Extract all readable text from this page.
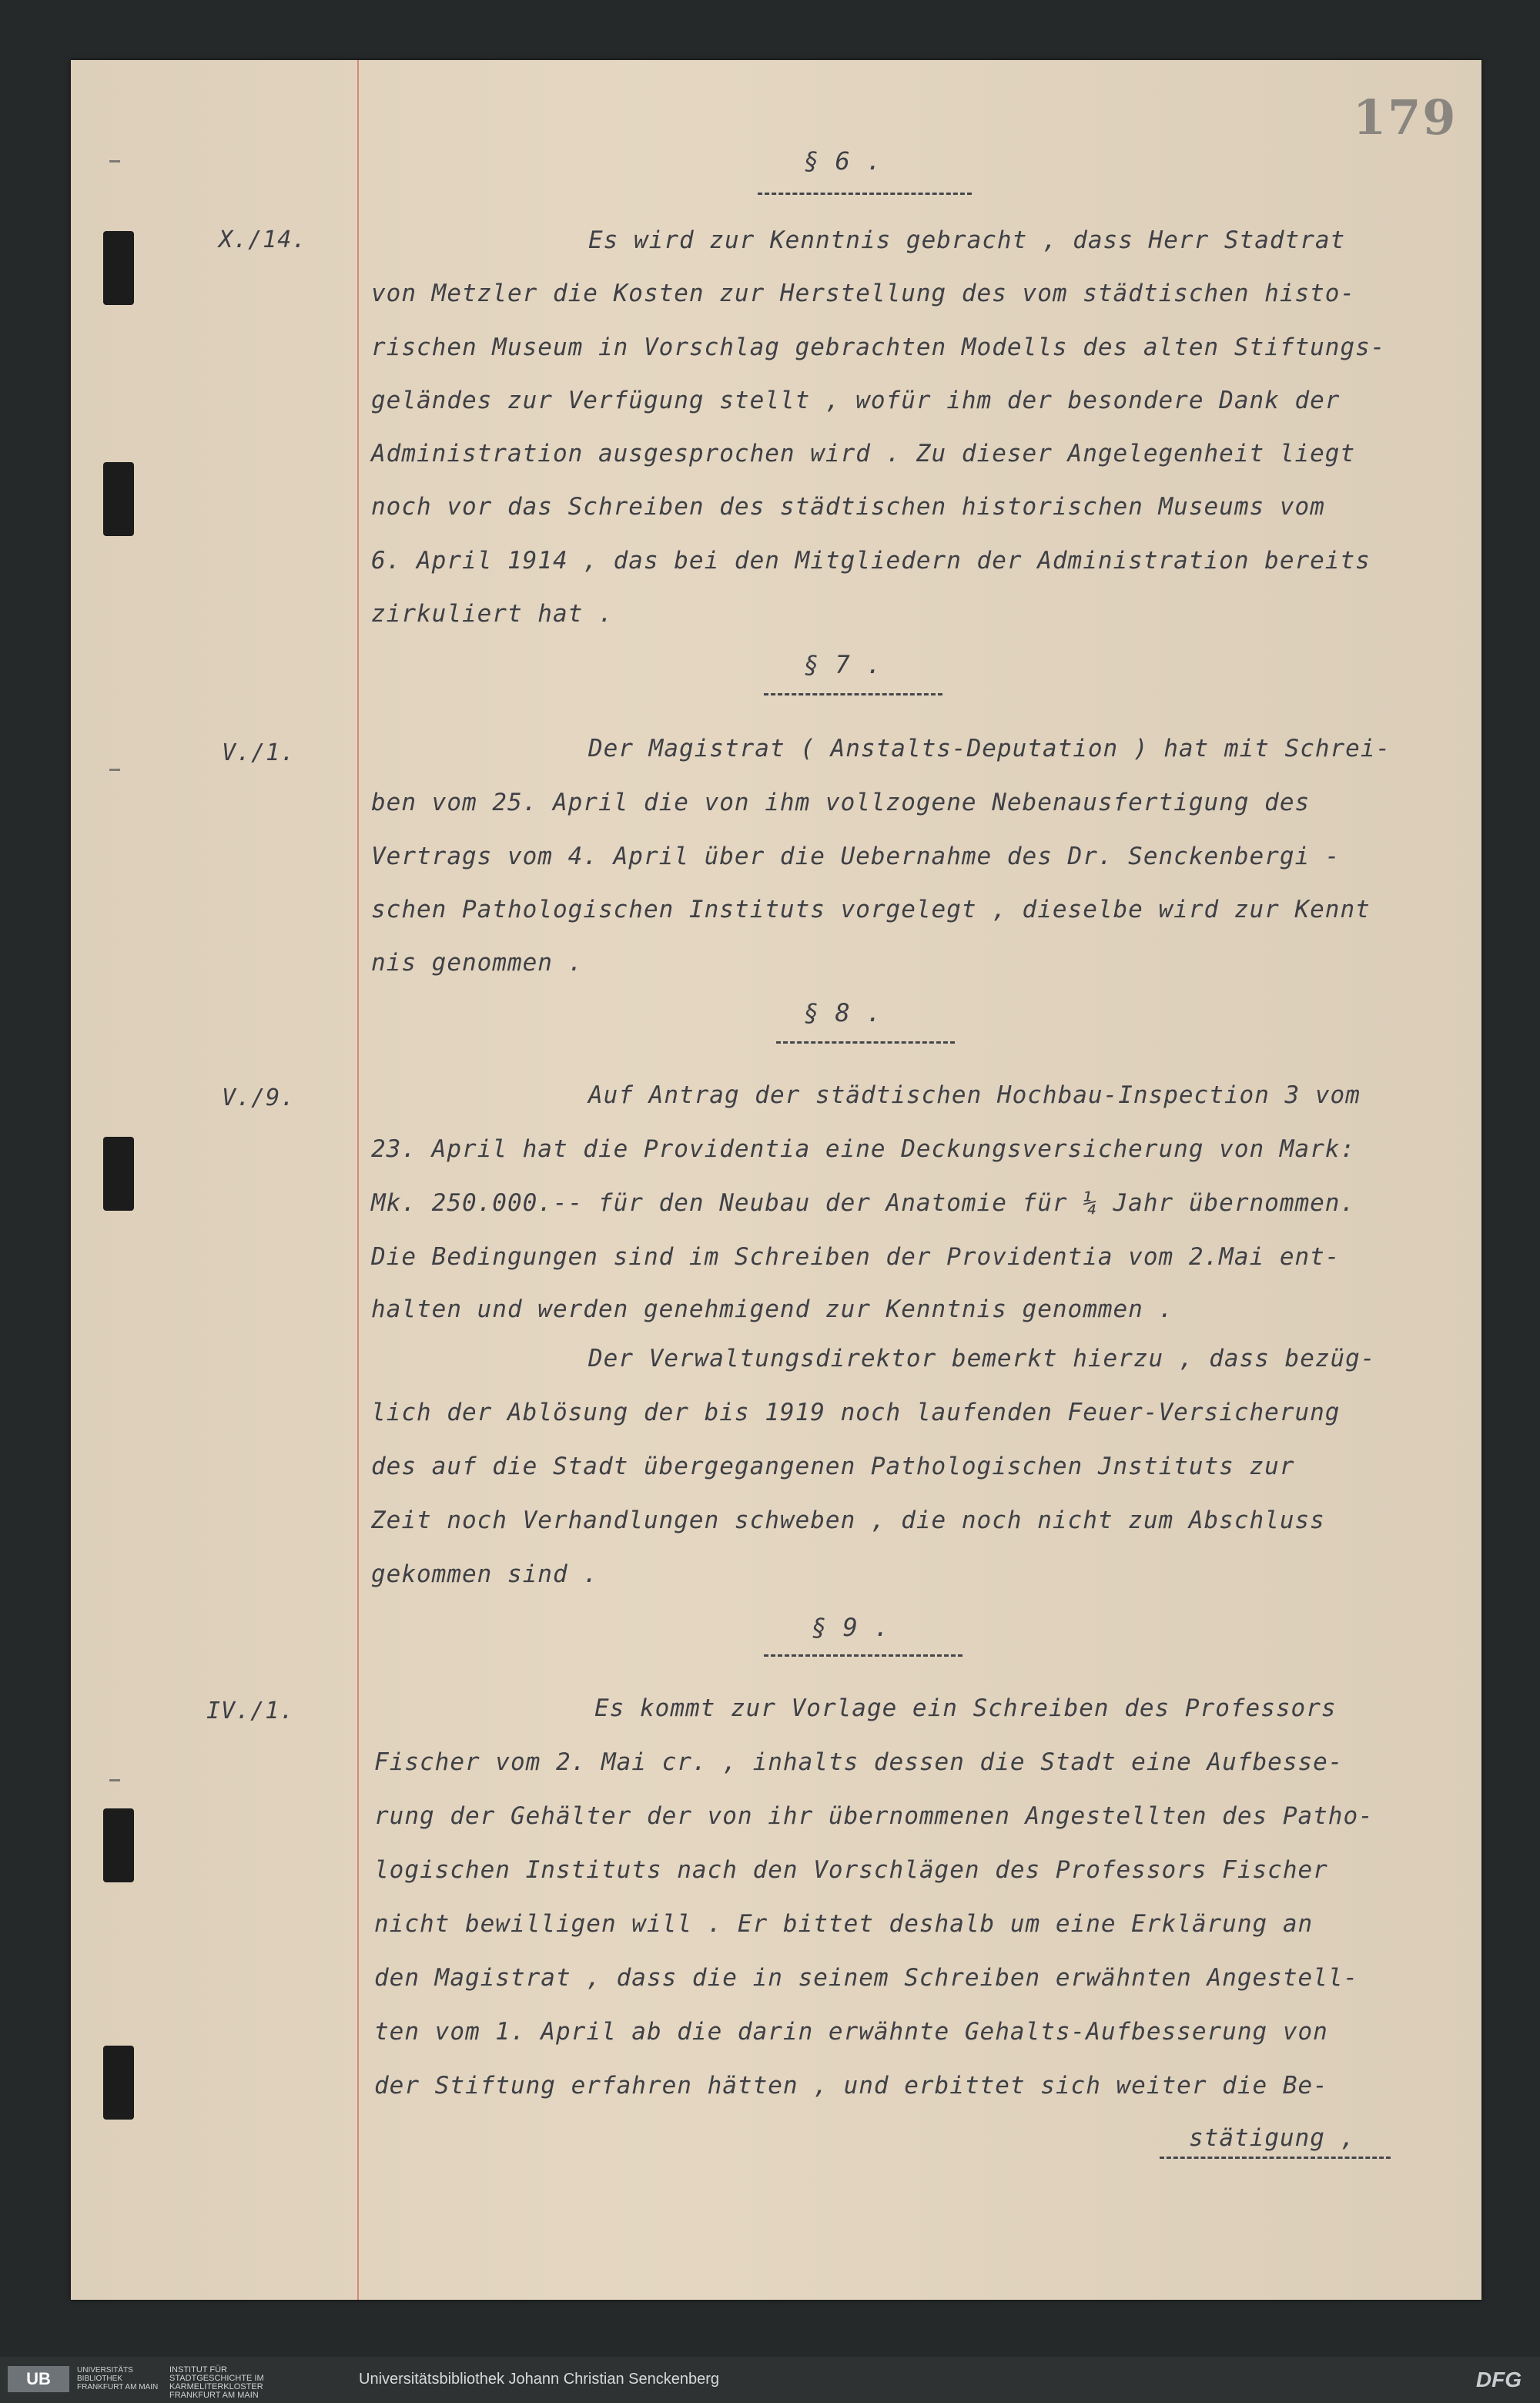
179
§ 6 .
X./14.	Es wird zur Kenntnis gebracht , dass Herr Stadtrat
von Metzler die Kosten zur Herstellung des vom städtischen histo-
rischen Museum in Vorschlag gebrachten Modells des alten Stiftungs-
geländes zur Verfügung stellt , wofür ihm der besondere Dank der
Administration ausgesprochen wird . Zu dieser Angelegenheit liegt
noch vor das Schreiben des städtischen historischen Museums vom
6. April 1914 , das bei den Mitgliedern der Administration bereits
zirkuliert hat .
§ 7 .
V./1.	Der Magistrat ( Anstalts-Deputation ) hat mit Schrei-
ben vom 25. April die von ihm vollzogene Nebenausfertigung des
Vertrags vom 4. April über die Uebernahme des Dr. Senckenbergi -
schen Pathologischen Instituts vorgelegt , dieselbe wird zur Kennt
nis genommen .
§ 8 .
V./9.	Auf Antrag der städtischen Hochbau-Inspection 3 vom
23. April hat die Providentia eine Deckungsversicherung von Mark:
Mk. 250.000.-- für den Neubau der Anatomie für ¼ Jahr übernommen.
Die Bedingungen sind im Schreiben der Providentia vom 2.Mai ent-
halten und werden genehmigend zur Kenntnis genommen .
Der Verwaltungsdirektor bemerkt hierzu , dass bezüg-
lich der Ablösung der bis 1919 noch laufenden Feuer-Versicherung
des auf die Stadt übergegangenen Pathologischen Jnstituts zur
Zeit noch Verhandlungen schweben , die noch nicht zum Abschluss
gekommen sind .
§ 9 .
IV./1.	Es kommt zur Vorlage ein Schreiben des Professors
Fischer vom 2. Mai cr. , inhalts dessen die Stadt eine Aufbesse-
rung der Gehälter der von ihr übernommenen Angestellten des Patho-
logischen Instituts nach den Vorschlägen des Professors Fischer
nicht bewilligen will . Er bittet deshalb um eine Erklärung an
den Magistrat , dass die in seinem Schreiben erwähnten Angestell-
ten vom 1. April ab die darin erwähnte Gehalts-Aufbesserung von
der Stiftung erfahren hätten , und erbittet sich weiter die Be-
stätigung ,
UB	UNIVERSITÄTS BIBLIOTHEK FRANKFURT AM MAIN
INSTITUT FÜR STADTGESCHICHTE IM KARMELITERKLOSTER FRANKFURT AM MAIN
Universitätsbibliothek Johann Christian Senckenberg	DFG
